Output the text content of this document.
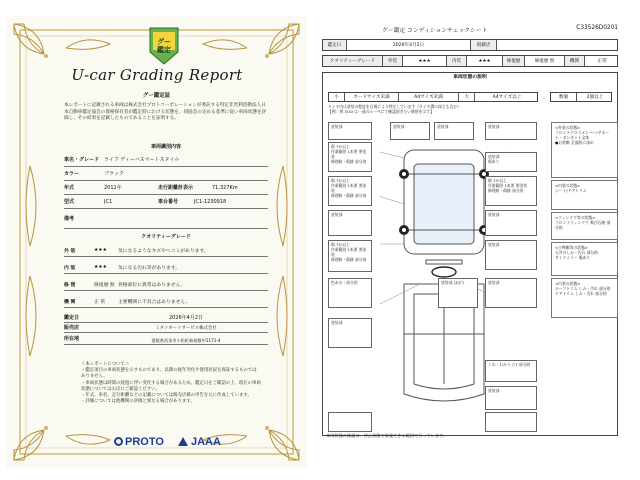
グー
鑑定
U-car Grading Report
グー鑑定証
本レポートに記載される車両は株式会社プロトコーポレーションが委託する特定非営利活動法人日本自動車鑑定協会の資格保有者が鑑定時における状態を、同協会の定める基準に従い車両状態を評価し、その結果を記載したものであることを証明する。
車両識別内容
車名・グレード ライフ ディーバスマートスタイル
カラー	ブラック
年式	2011年	走行距離計表示	71,327Km
型式	JC1	車台番号	JC1-1230918
備考
クオリティーグレード
外 装	★★★	気になるようなキズやヘコミがあります。
内 装	★★★	気になる汚れ等があります。
修 復	修復歴 無 骨格部位に異常はありません。
機 関	正 常	主要機関に不具合はありません。
鑑定日	2026年4月2日
販売店	ミタノオートサービス株式会社
所在地	愛媛県西条市小松町新屋敷甲1171-4
＜本レポートについて＞
・鑑定項目の車両状態を示すものであり、以降の経年劣化や使用状況を保証するものではありません。
・車両状態は時間の経過に伴い変化する場合があるため、鑑定日をご確認の上、現在の車両状態についてはお店にご確認ください。
・年式、車名、走行距離などの記載については販売店様の申告を元に作成しています。
・評価については他機関の評価と異なる場合があります。
PROTO	JAAA
グー鑑定 コンディションチェックシート	C33526D0201
鑑定日	2026年4月2日	掲載店
クオリティーグレード	外装	★★★	内装	★★★	修復歴	修復歴 無	機関	正常
車両状態の説明
小	カードサイズ未満	A4サイズ未満	大	A4サイズ以上	数個	2個以上
タイヤ内は塗装の程度を目視により判定しています（タイヤ溝の深さも含む）
【例：例 3/10 は一部のルーペにて確認頂きたい箇所を示す】
塗装部
傷 7か以上
作業範囲 1本要 要塗装
修理跡・傷跡 部分的
傷 7か以上
作業範囲 1本要 要塗装
修理跡・傷跡 部分的
塗装部
傷 7か以上
作業範囲 1本要 要塗装
修理跡・傷跡 部分的
色あせ・部分的
塗装部
塗装部	塗装部	塗装部
塗装部
傷あり
傷 7か以上
作業範囲 1本要 要塗装
修理跡・傷跡 部分的
塗装部
塗装部
塗装部 ほぼり	塗装部
しわ・わかり ○7 部分的
塗装部
<外装の状態>
フロントクロスメンバー/サポート・ボンネット全体
●お装飾 全面的に深め
<内装の状態>
シート/ドアトリム
<ウィンドウ等の状態>
フロントウィンドウ 飛び石跡 部分的
<小物類等の状態>
天井のしみ・汚れ 部分的
サイドミラー 傷あり
<内装の状態>
ルーフトリム しみ・汚れ 部分的
ドアトリム しみ・汚れ 部分的
車両状態の確認は、停止状態で実施できる範囲で行っています。
